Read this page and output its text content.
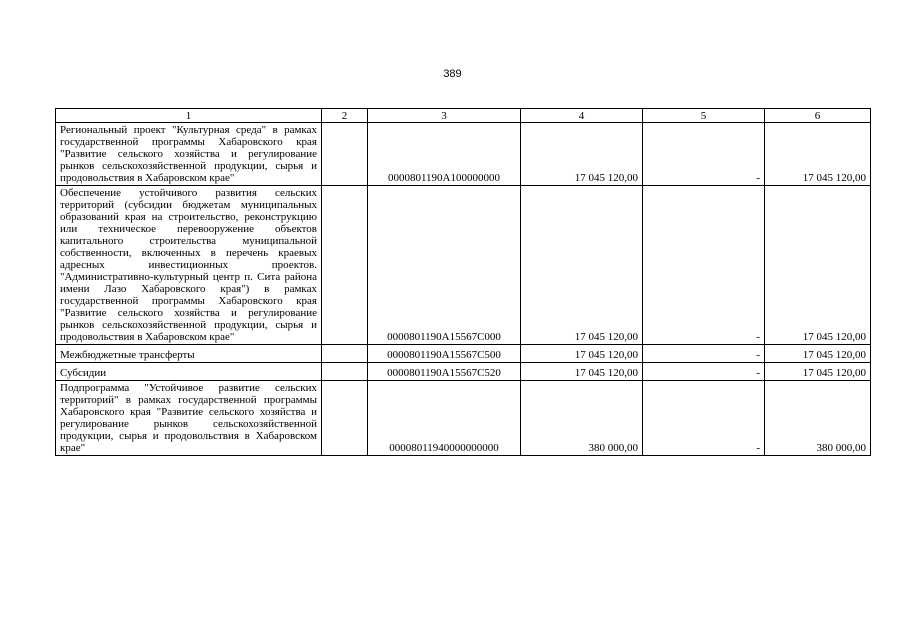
389
1	2	3	4	5	6
Региональный проект "Культурная среда" в рамках государственной программы Хабаровского края "Развитие сельского хозяйства и регулирование рынков сельскохозяйственной продукции, сырья и продовольствия в Хабаровском крае"		0000801190A100000000	17 045 120,00	-	17 045 120,00
Обеспечение устойчивого развития сельских территорий (субсидии бюджетам муниципальных образований края на строительство, реконструкцию или техническое перевооружение объектов капитального строительства муниципальной собственности, включенных в перечень краевых адресных инвестиционных проектов. "Административно-культурный центр п. Сита района имени Лазо Хабаровского края") в рамках государственной программы Хабаровского края "Развитие сельского хозяйства и регулирование рынков сельскохозяйственной продукции, сырья и продовольствия в Хабаровском крае"		0000801190A15567C000	17 045 120,00	-	17 045 120,00
Межбюджетные трансферты		0000801190A15567C500	17 045 120,00	-	17 045 120,00
Субсидии		0000801190A15567C520	17 045 120,00	-	17 045 120,00
Подпрограмма "Устойчивое развитие сельских территорий" в рамках государственной программы Хабаровского края "Развитие сельского хозяйства и регулирование рынков сельскохозяйственной продукции, сырья и продовольствия в Хабаровском крае"		00008011940000000000	380 000,00	-	380 000,00
